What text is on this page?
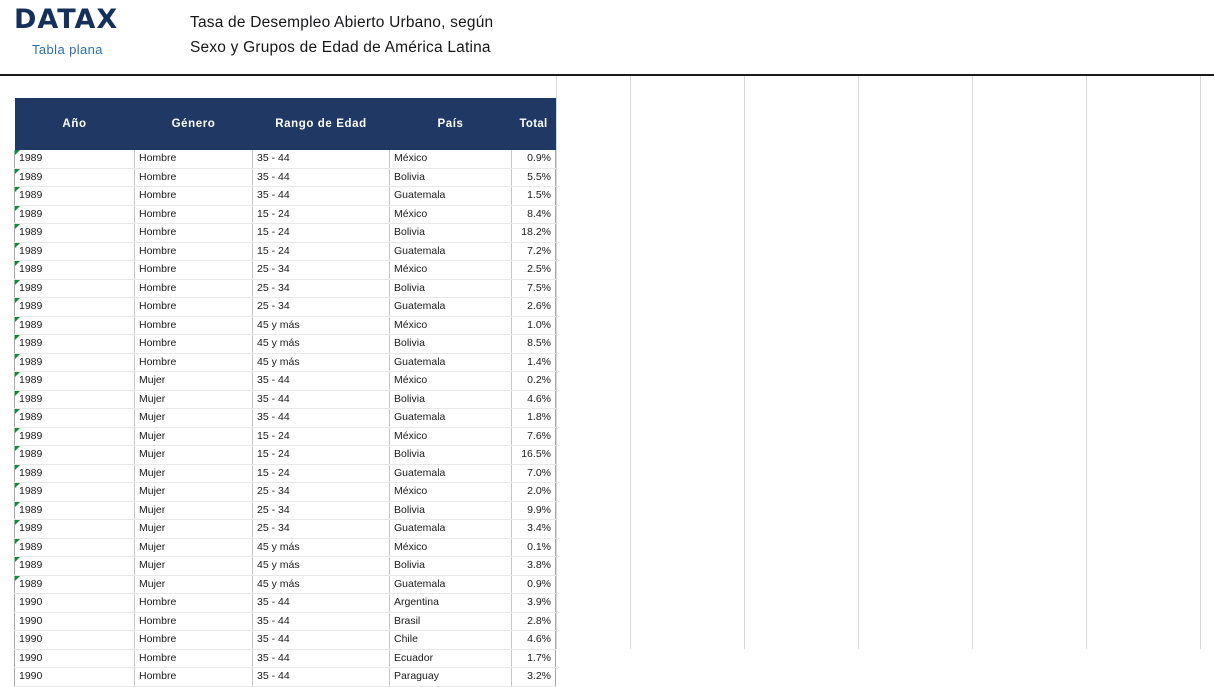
DATAX
Tabla plana
Tasa de Desempleo Abierto Urbano, según
Sexo y Grupos de Edad de América Latina
Año	Género	Rango de Edad	País	Total
1989	Hombre	35 - 44	México	0.9%
1989	Hombre	35 - 44	Bolivia	5.5%
1989	Hombre	35 - 44	Guatemala	1.5%
1989	Hombre	15 - 24	México	8.4%
1989	Hombre	15 - 24	Bolivia	18.2%
1989	Hombre	15 - 24	Guatemala	7.2%
1989	Hombre	25 - 34	México	2.5%
1989	Hombre	25 - 34	Bolivia	7.5%
1989	Hombre	25 - 34	Guatemala	2.6%
1989	Hombre	45 y más	México	1.0%
1989	Hombre	45 y más	Bolivia	8.5%
1989	Hombre	45 y más	Guatemala	1.4%
1989	Mujer	35 - 44	México	0.2%
1989	Mujer	35 - 44	Bolivia	4.6%
1989	Mujer	35 - 44	Guatemala	1.8%
1989	Mujer	15 - 24	México	7.6%
1989	Mujer	15 - 24	Bolivia	16.5%
1989	Mujer	15 - 24	Guatemala	7.0%
1989	Mujer	25 - 34	México	2.0%
1989	Mujer	25 - 34	Bolivia	9.9%
1989	Mujer	25 - 34	Guatemala	3.4%
1989	Mujer	45 y más	México	0.1%
1989	Mujer	45 y más	Bolivia	3.8%
1989	Mujer	45 y más	Guatemala	0.9%
1990	Hombre	35 - 44	Argentina	3.9%
1990	Hombre	35 - 44	Brasil	2.8%
1990	Hombre	35 - 44	Chile	4.6%
1990	Hombre	35 - 44	Ecuador	1.7%
1990	Hombre	35 - 44	Paraguay	3.2%
